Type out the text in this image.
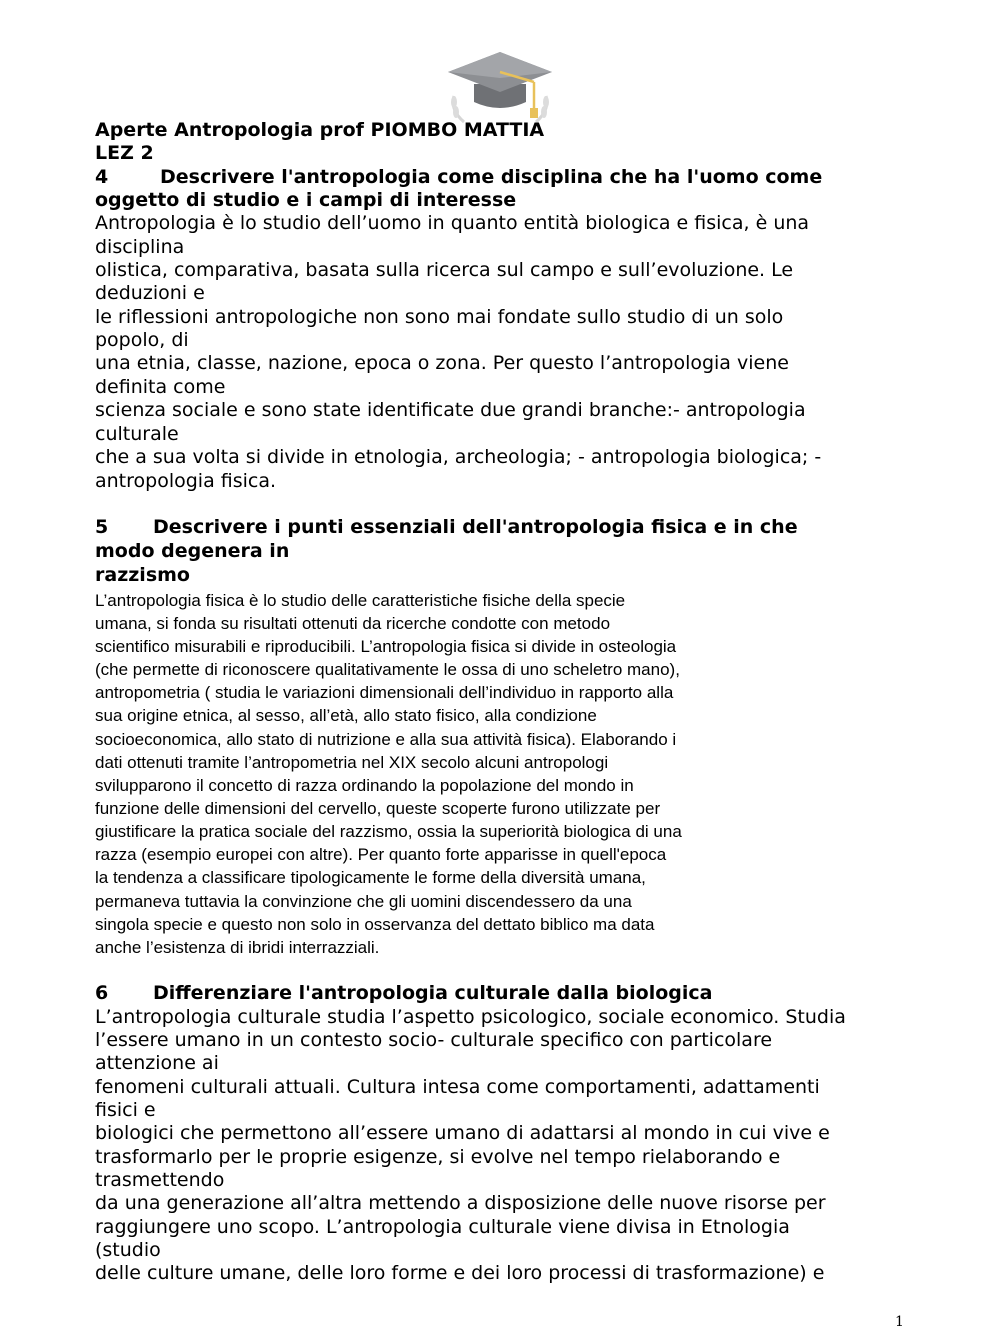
Aperte Antropologia prof PIOMBO MATTIA
LEZ 2
4	Descrivere l'antropologia come disciplina che ha l'uomo come
oggetto di studio e i campi di interesse
Antropologia è lo studio dell’uomo in quanto entità biologica e fisica, è una
disciplina
olistica, comparativa, basata sulla ricerca sul campo e sull’evoluzione. Le
deduzioni e
le riflessioni antropologiche non sono mai fondate sullo studio di un solo
popolo, di
una etnia, classe, nazione, epoca o zona. Per questo l’antropologia viene
definita come
scienza sociale e sono state identificate due grandi branche:- antropologia
culturale
che a sua volta si divide in etnologia, archeologia; - antropologia biologica; -
antropologia fisica.
5 Descrivere i punti essenziali dell'antropologia fisica e in che
modo degenera in
razzismo
L’antropologia fisica è lo studio delle caratteristiche fisiche della specie
umana, si fonda su risultati ottenuti da ricerche condotte con metodo
scientifico misurabili e riproducibili. L’antropologia fisica si divide in osteologia
(che permette di riconoscere qualitativamente le ossa di uno scheletro mano),
antropometria ( studia le variazioni dimensionali dell’individuo in rapporto alla
sua origine etnica, al sesso, all’età, allo stato fisico, alla condizione
socioeconomica, allo stato di nutrizione e alla sua attività fisica). Elaborando i
dati ottenuti tramite l’antropometria nel XIX secolo alcuni antropologi
svilupparono il concetto di razza ordinando la popolazione del mondo in
funzione delle dimensioni del cervello, queste scoperte furono utilizzate per
giustificare la pratica sociale del razzismo, ossia la superiorità biologica di una
razza (esempio europei con altre). Per quanto forte apparisse in quell'epoca
la tendenza a classificare tipologicamente le forme della diversità umana,
permaneva tuttavia la convinzione che gli uomini discendessero da una
singola specie e questo non solo in osservanza del dettato biblico ma data
anche l’esistenza di ibridi interrazziali.
6 Differenziare l'antropologia culturale dalla biologica
L’antropologia culturale studia l’aspetto psicologico, sociale economico. Studia
l’essere umano in un contesto socio- culturale specifico con particolare
attenzione ai
fenomeni culturali attuali. Cultura intesa come comportamenti, adattamenti
fisici e
biologici che permettono all’essere umano di adattarsi al mondo in cui vive e
trasformarlo per le proprie esigenze, si evolve nel tempo rielaborando e
trasmettendo
da una generazione all’altra mettendo a disposizione delle nuove risorse per
raggiungere uno scopo. L’antropologia culturale viene divisa in Etnologia
(studio
delle culture umane, delle loro forme e dei loro processi di trasformazione) e
1
